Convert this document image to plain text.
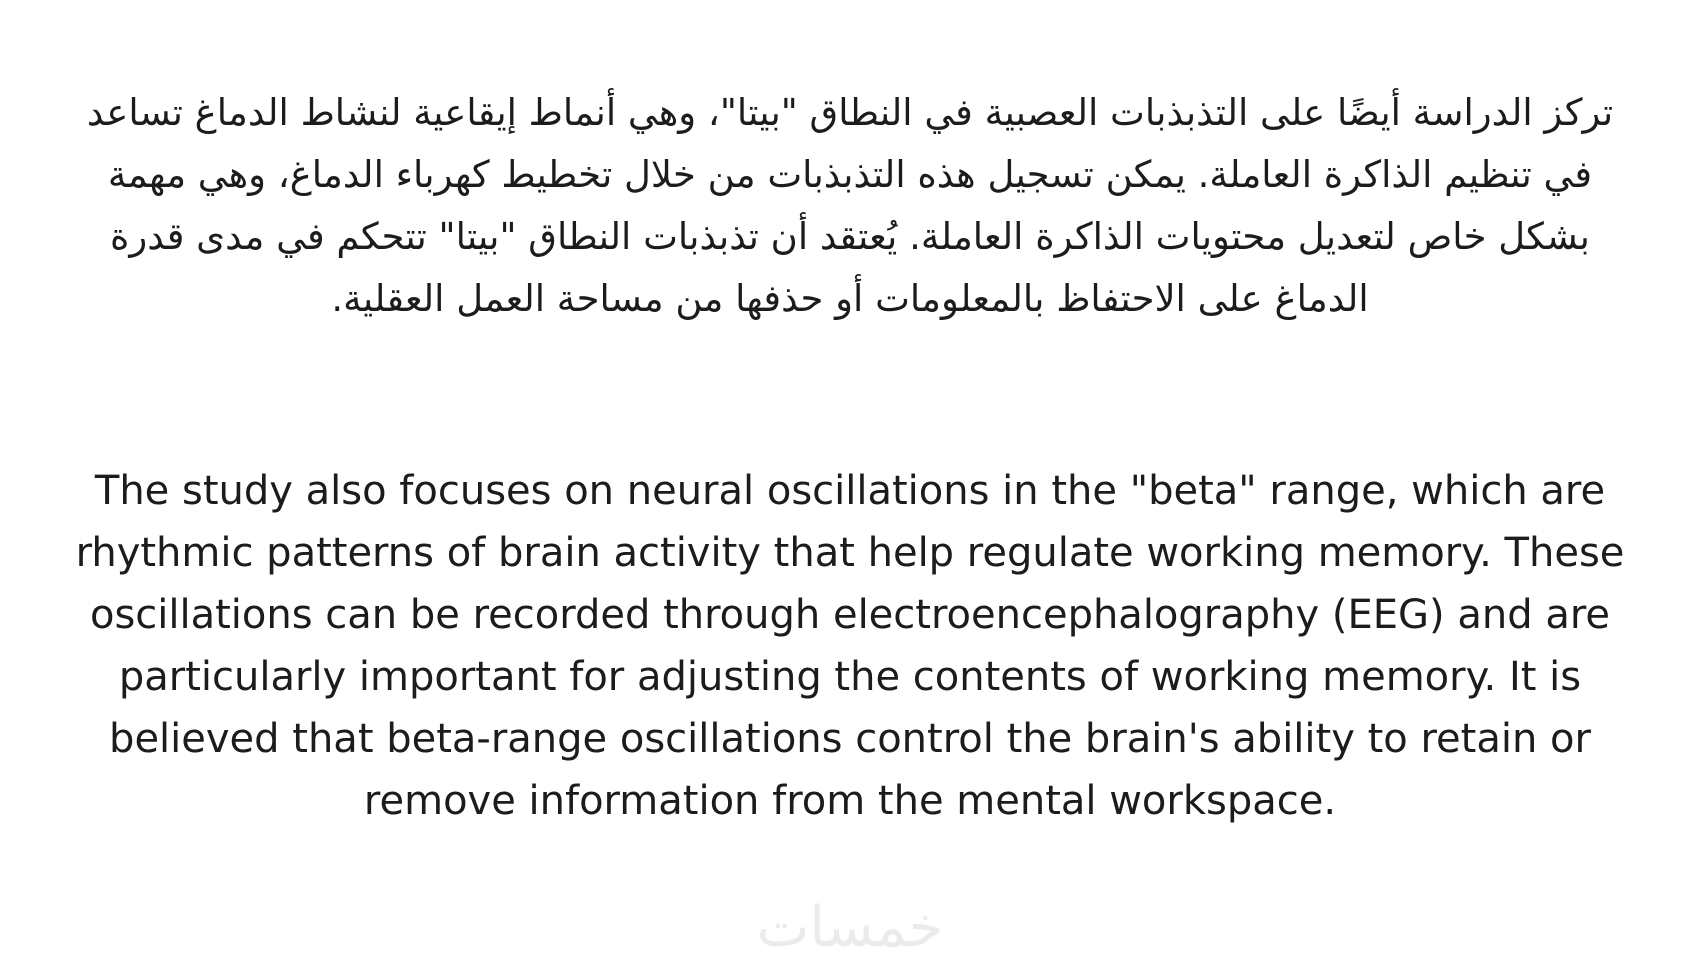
تركز الدراسة أيضًا على التذبذبات العصبية في النطاق "بيتا"، وهي أنماط إيقاعية لنشاط الدماغ تساعد في تنظيم الذاكرة العاملة. يمكن تسجيل هذه التذبذبات من خلال تخطيط كهرباء الدماغ، وهي مهمة بشكل خاص لتعديل محتويات الذاكرة العاملة. يُعتقد أن تذبذبات النطاق "بيتا" تتحكم في مدى قدرة الدماغ على الاحتفاظ بالمعلومات أو حذفها من مساحة العمل العقلية.

The study also focuses on neural oscillations in the "beta" range, which are rhythmic patterns of brain activity that help regulate working memory. These oscillations can be recorded through electroencephalography (EEG) and are particularly important for adjusting the contents of working memory. It is believed that beta-range oscillations control the brain's ability to retain or remove information from the mental workspace.

خمسات
